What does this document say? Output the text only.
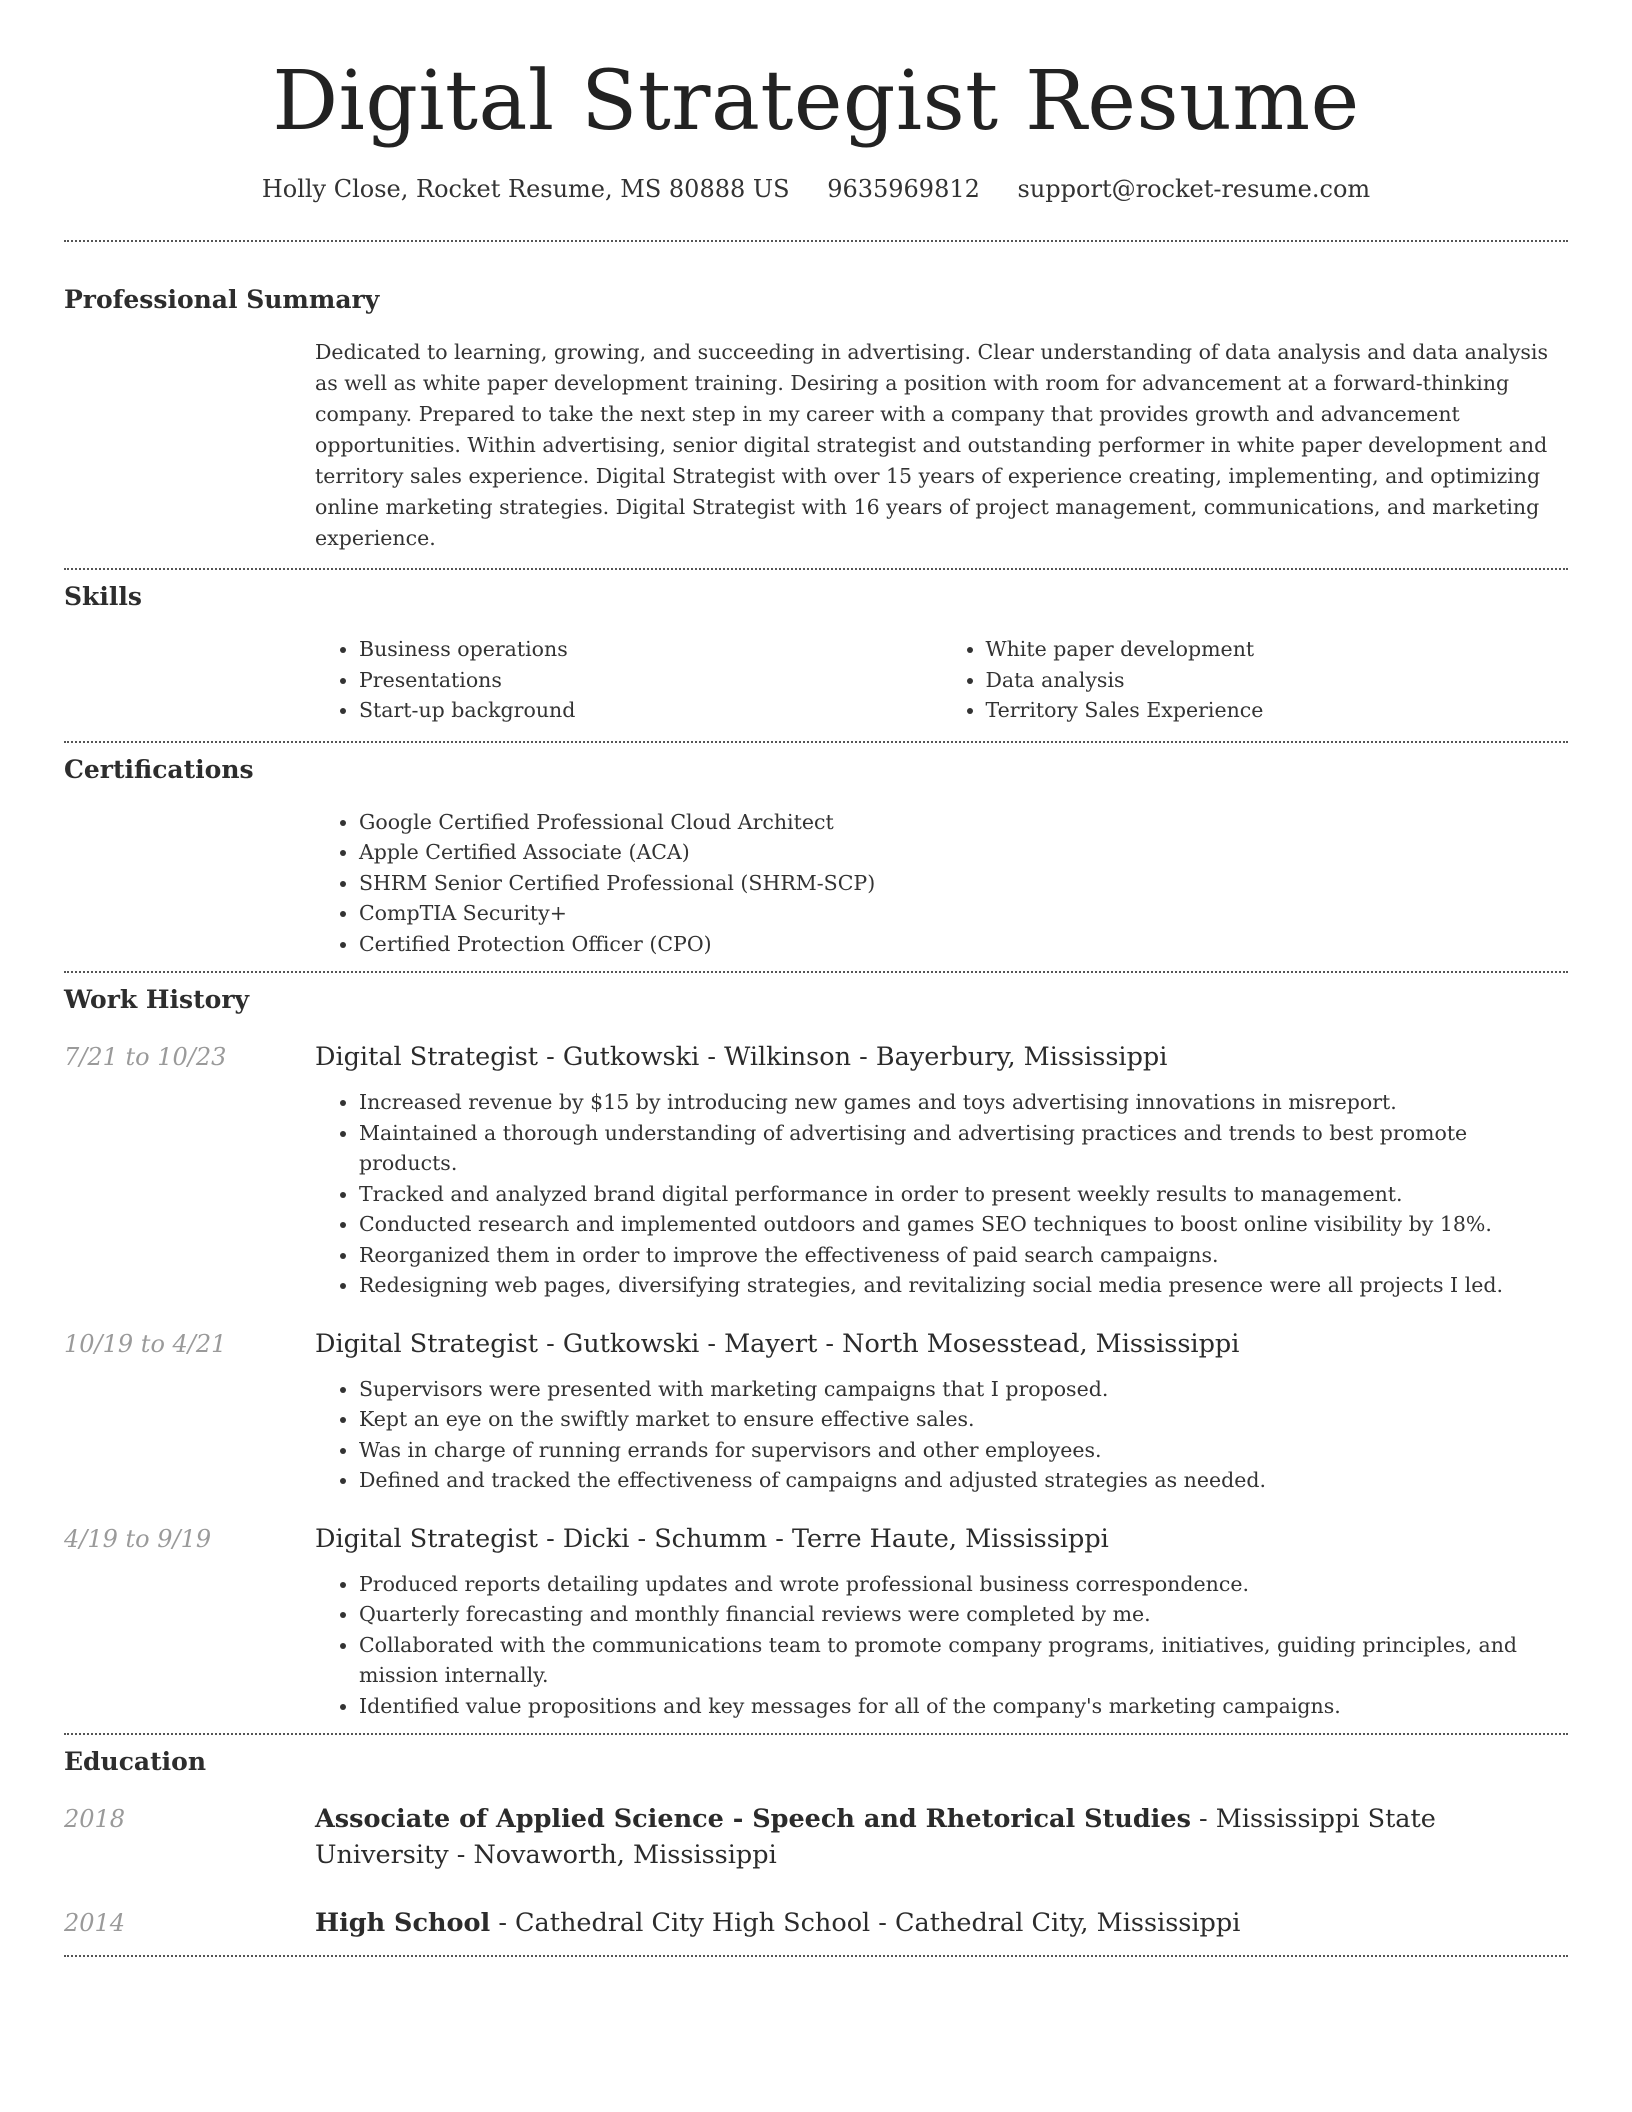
Digital Strategist Resume
Holly Close, Rocket Resume, MS 80888 US 9635969812 support@rocket-resume.com
Professional Summary

Dedicated to learning, growing, and succeeding in advertising. Clear understanding of data analysis and data analysis as well as white paper development training. Desiring a position with room for advancement at a forward-thinking company. Prepared to take the next step in my career with a company that provides growth and advancement opportunities. Within advertising, senior digital strategist and outstanding performer in white paper development and territory sales experience. Digital Strategist with over 15 years of experience creating, implementing, and optimizing online marketing strategies. Digital Strategist with 16 years of project management, communications, and marketing experience.

Skills
• Business operations
• Presentations
• Start-up background
• White paper development
• Data analysis
• Territory Sales Experience
Certifications
• Google Certified Professional Cloud Architect
• Apple Certified Associate (ACA)
• SHRM Senior Certified Professional (SHRM-SCP)
• CompTIA Security+
• Certified Protection Officer (CPO)
Work History
7/21 to 10/23	Digital Strategist - Gutkowski - Wilkinson - Bayerbury, Mississippi
• Increased revenue by $15 by introducing new games and toys advertising innovations in misreport.
• Maintained a thorough understanding of advertising and advertising practices and trends to best promote products.
• Tracked and analyzed brand digital performance in order to present weekly results to management.
• Conducted research and implemented outdoors and games SEO techniques to boost online visibility by 18%.
• Reorganized them in order to improve the effectiveness of paid search campaigns.
• Redesigning web pages, diversifying strategies, and revitalizing social media presence were all projects I led.
10/19 to 4/21	Digital Strategist - Gutkowski - Mayert - North Mosesstead, Mississippi
• Supervisors were presented with marketing campaigns that I proposed.
• Kept an eye on the swiftly market to ensure effective sales.
• Was in charge of running errands for supervisors and other employees.
• Defined and tracked the effectiveness of campaigns and adjusted strategies as needed.
4/19 to 9/19	Digital Strategist - Dicki - Schumm - Terre Haute, Mississippi
• Produced reports detailing updates and wrote professional business correspondence.
• Quarterly forecasting and monthly financial reviews were completed by me.
• Collaborated with the communications team to promote company programs, initiatives, guiding principles, and mission internally.
• Identified value propositions and key messages for all of the company's marketing campaigns.
Education
2018	Associate of Applied Science - Speech and Rhetorical Studies - Mississippi State University - Novaworth, Mississippi
2014	High School - Cathedral City High School - Cathedral City, Mississippi
